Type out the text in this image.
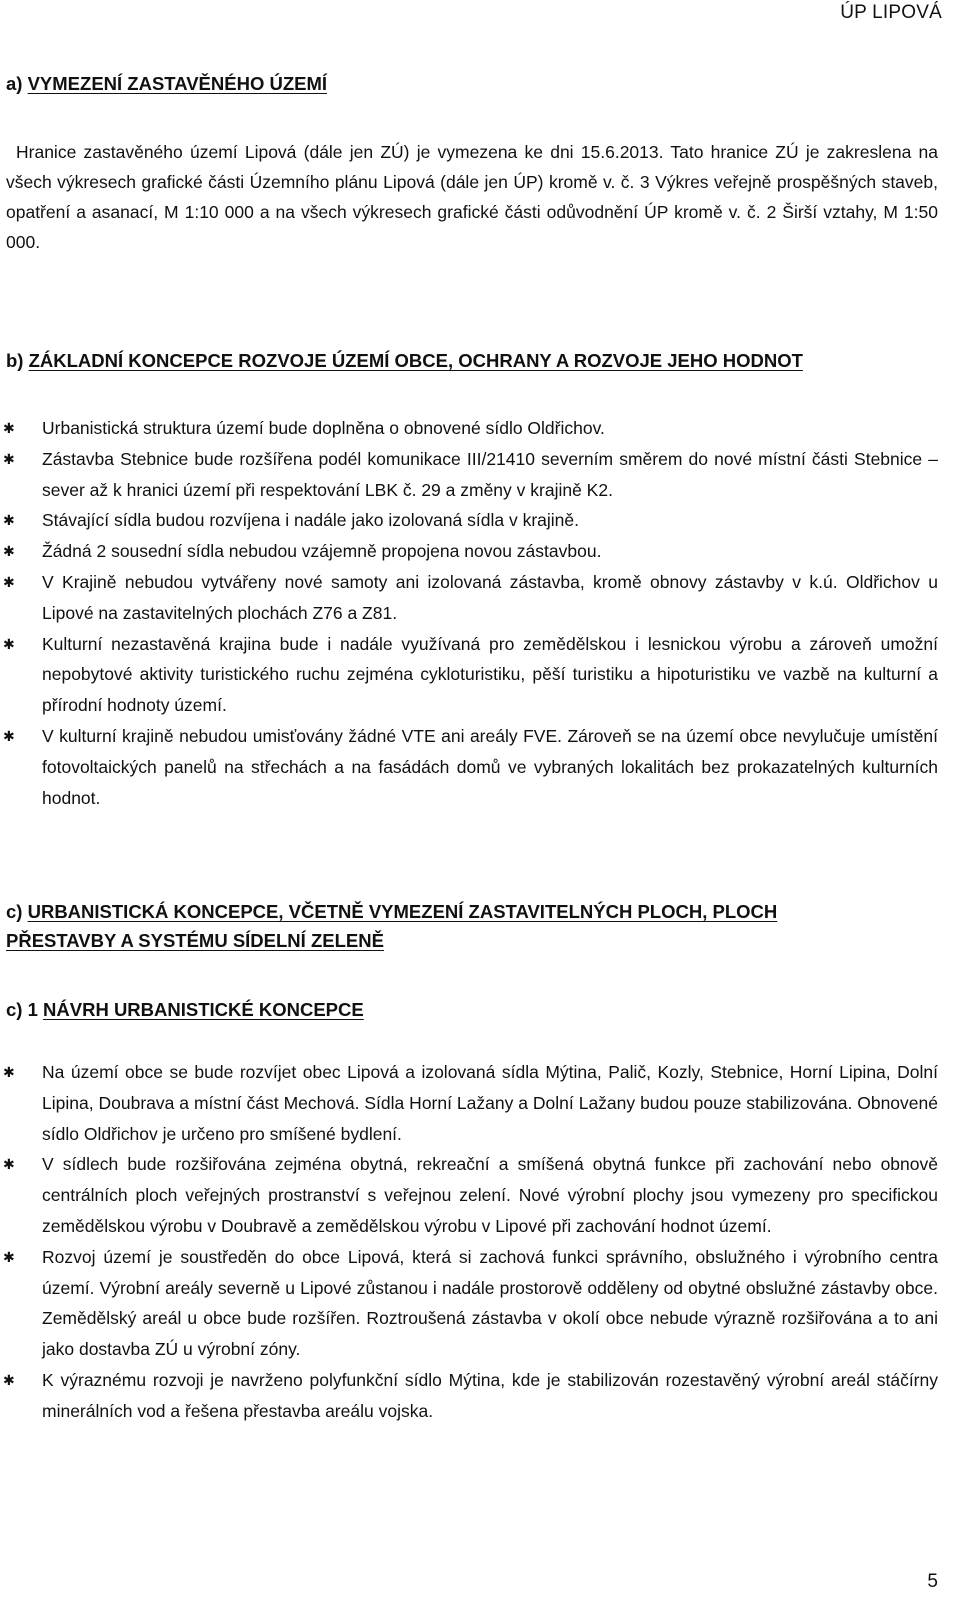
ÚP LIPOVÁ
a) VYMEZENÍ ZASTAVĚNÉHO ÚZEMÍ
Hranice zastavěného území Lipová (dále jen ZÚ) je vymezena ke dni 15.6.2013. Tato hranice ZÚ je zakreslena na všech výkresech grafické části Územního plánu Lipová (dále jen ÚP) kromě v. č. 3 Výkres veřejně prospěšných staveb, opatření a asanací, M 1:10 000 a na všech výkresech grafické části odůvodnění ÚP kromě v. č. 2 Širší vztahy, M 1:50 000.
b) ZÁKLADNÍ KONCEPCE ROZVOJE ÚZEMÍ OBCE, OCHRANY A ROZVOJE JEHO HODNOT
✱ Urbanistická struktura území bude doplněna o obnovené sídlo Oldřichov.
✱ Zástavba Stebnice bude rozšířena podél komunikace III/21410 severním směrem do nové místní části Stebnice – sever až k hranici území při respektování LBK č. 29 a změny v krajině K2.
✱ Stávající sídla budou rozvíjena i nadále jako izolovaná sídla v krajině.
✱ Žádná 2 sousední sídla nebudou vzájemně propojena novou zástavbou.
✱ V Krajině nebudou vytvářeny nové samoty ani izolovaná zástavba, kromě obnovy zástavby v k.ú. Oldřichov u Lipové na zastavitelných plochách Z76 a Z81.
✱ Kulturní nezastavěná krajina bude i nadále využívaná pro zemědělskou i lesnickou výrobu a zároveň umožní nepobytové aktivity turistického ruchu zejména cykloturistiku, pěší turistiku a hipoturistiku ve vazbě na kulturní a přírodní hodnoty území.
✱ V kulturní krajině nebudou umisťovány žádné VTE ani areály FVE. Zároveň se na území obce nevylučuje umístění fotovoltaických panelů na střechách a na fasádách domů ve vybraných lokalitách bez prokazatelných kulturních hodnot.
c) URBANISTICKÁ KONCEPCE, VČETNĚ VYMEZENÍ ZASTAVITELNÝCH PLOCH, PLOCH
PŘESTAVBY A SYSTÉMU SÍDELNÍ ZELENĚ
c) 1 NÁVRH URBANISTICKÉ KONCEPCE
✱ Na území obce se bude rozvíjet obec Lipová a izolovaná sídla Mýtina, Palič, Kozly, Stebnice, Horní Lipina, Dolní Lipina, Doubrava a místní část Mechová. Sídla Horní Lažany a Dolní Lažany budou pouze stabilizována. Obnovené sídlo Oldřichov je určeno pro smíšené bydlení.
✱ V sídlech bude rozšiřována zejména obytná, rekreační a smíšená obytná funkce při zachování nebo obnově centrálních ploch veřejných prostranství s veřejnou zelení. Nové výrobní plochy jsou vymezeny pro specifickou zemědělskou výrobu v Doubravě a zemědělskou výrobu v Lipové při zachování hodnot území.
✱ Rozvoj území je soustředěn do obce Lipová, která si zachová funkci správního, obslužného i výrobního centra území. Výrobní areály severně u Lipové zůstanou i nadále prostorově odděleny od obytné obslužné zástavby obce. Zemědělský areál u obce bude rozšířen. Roztroušená zástavba v okolí obce nebude výrazně rozšiřována a to ani jako dostavba ZÚ u výrobní zóny.
✱ K výraznému rozvoji je navrženo polyfunkční sídlo Mýtina, kde je stabilizován rozestavěný výrobní areál stáčírny minerálních vod a řešena přestavba areálu vojska.
5
